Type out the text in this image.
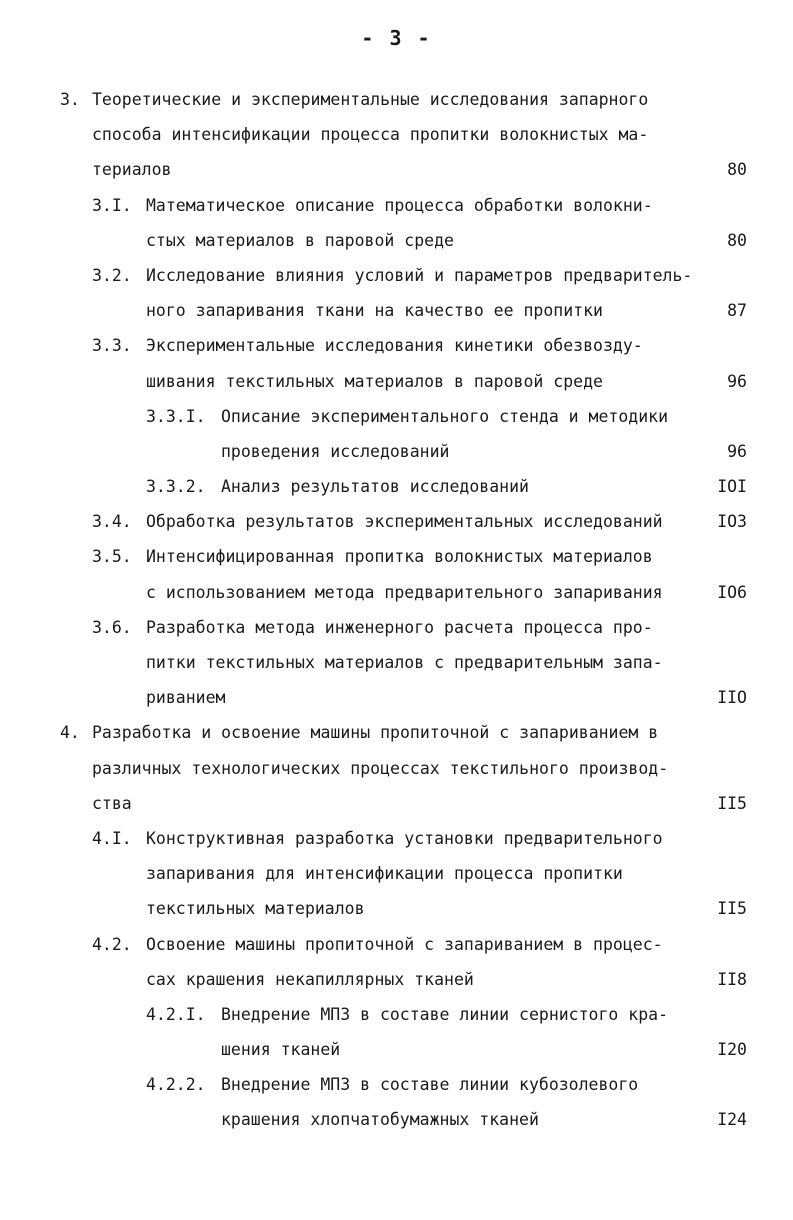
- 3 -
3. Теоретические и экспериментальные исследования запарного
способа интенсификации процесса пропитки волокнистых ма-
териалов	80
3.I. Математическое описание процесса обработки волокни-
стых материалов в паровой среде	80
3.2. Исследование влияния условий и параметров предваритель-
ного запаривания ткани на качество ее пропитки	87
3.3. Экспериментальные исследования кинетики обезвозду-
шивания текстильных материалов в паровой среде	96
3.3.I. Описание экспериментального стенда и методики
проведения исследований	96
3.3.2. Анализ результатов исследований	IOI
3.4. Обработка результатов экспериментальных исследований	IO3
3.5. Интенсифицированная пропитка волокнистых материалов
с использованием метода предварительного запаривания	IO6
3.6. Разработка метода инженерного расчета процесса про-
питки текстильных материалов с предварительным запа-
риванием	IIO
4. Разработка и освоение машины пропиточной с запариванием в
различных технологических процессах текстильного производ-
ства	II5
4.I. Конструктивная разработка установки предварительного
запаривания для интенсификации процесса пропитки
текстильных материалов	II5
4.2. Освоение машины пропиточной с запариванием в процес-
сах крашения некапиллярных тканей	II8
4.2.I. Внедрение МПЗ в составе линии сернистого кра-
шения тканей	I20
4.2.2. Внедрение МПЗ в составе линии кубозолевого
крашения хлопчатобумажных тканей	I24
